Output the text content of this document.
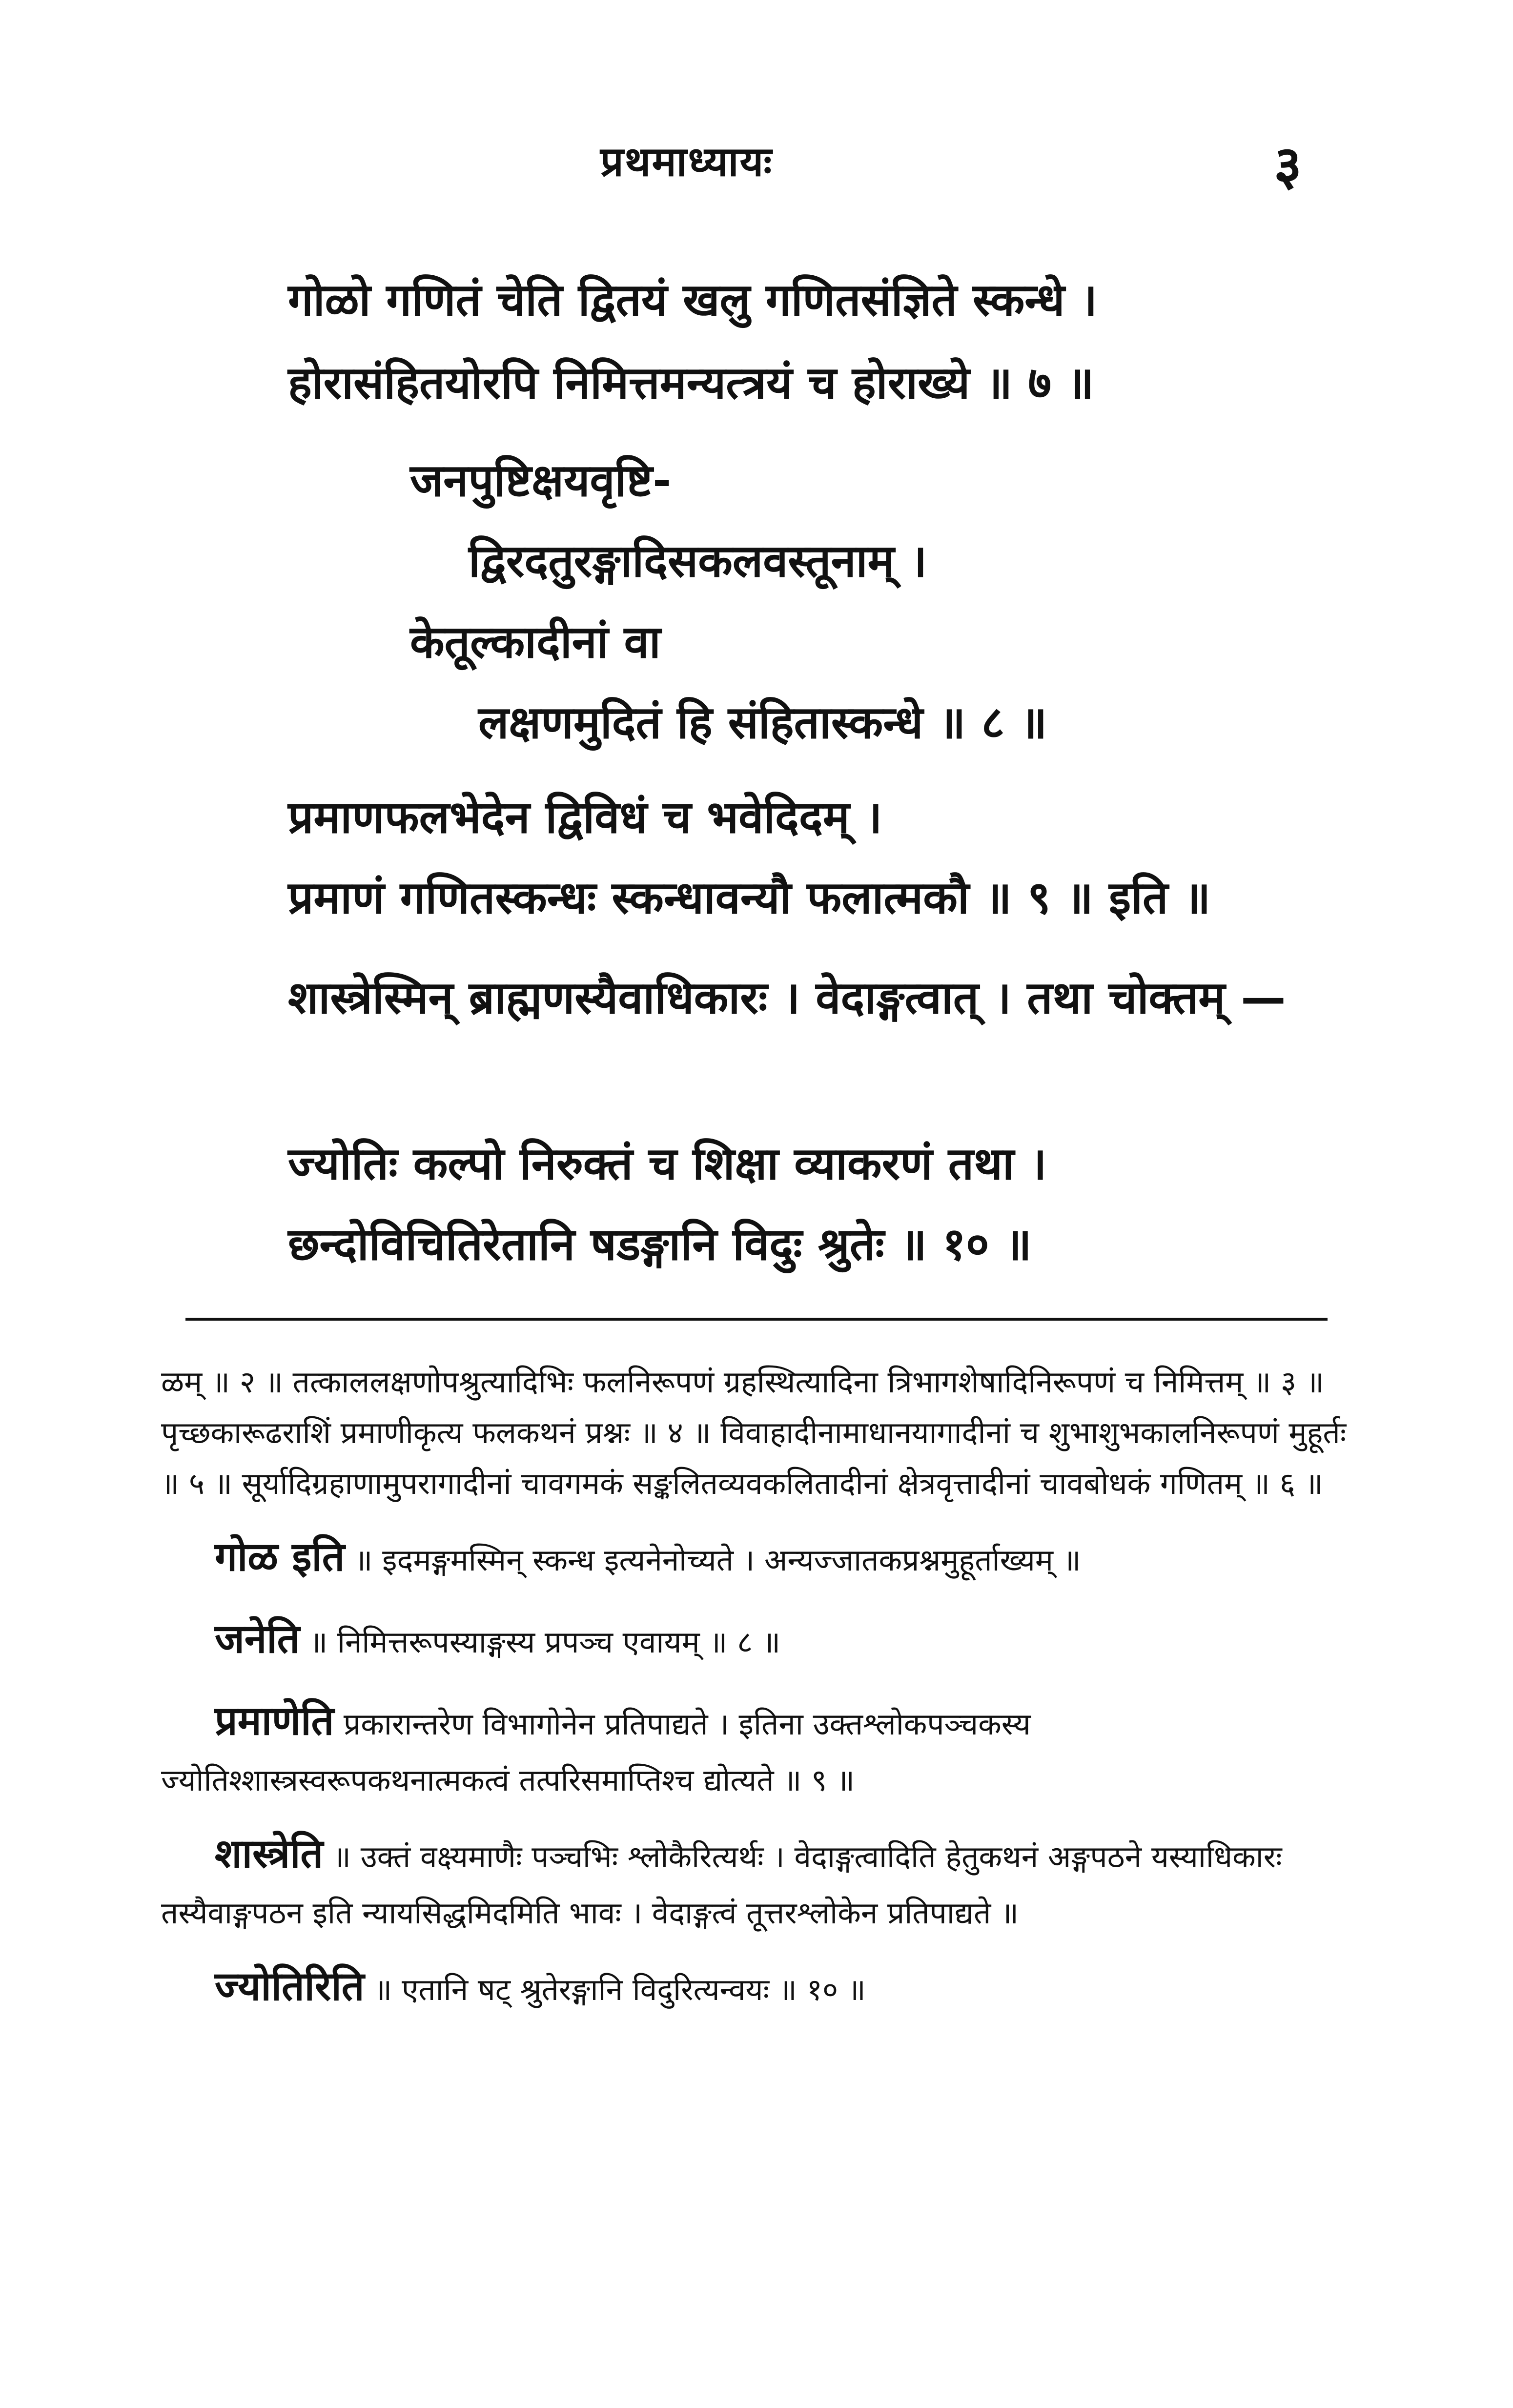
प्रथमाध्यायः	३
गोळो गणितं चेति द्वितयं खलु गणितसंज्ञिते स्कन्धे ।
होरासंहितयोरपि निमित्तमन्यत्त्रयं च होराख्ये ॥ ७ ॥
जनपुष्टिक्षयवृष्टि-
द्विरदतुरङ्गादिसकलवस्तूनाम् ।
केतूल्कादीनां वा
लक्षणमुदितं हि संहितास्कन्धे ॥ ८ ॥
प्रमाणफलभेदेन द्विविधं च भवेदिदम् ।
प्रमाणं गणितस्कन्धः स्कन्धावन्यौ फलात्मकौ ॥ ९ ॥ इति ॥
शास्त्रेस्मिन् ब्राह्मणस्यैवाधिकारः । वेदाङ्गत्वात् । तथा चोक्तम् —
ज्योतिः कल्पो निरुक्तं च शिक्षा व्याकरणं तथा ।
छन्दोविचितिरेतानि षडङ्गानि विदुः श्रुतेः ॥ १० ॥

ळम् ॥ २ ॥ तत्काललक्षणोपश्रुत्यादिभिः फलनिरूपणं ग्रहस्थित्यादिना त्रिभागशेषादिनिरूपणं च निमित्तम् ॥ ३ ॥ पृच्छकारूढराशिं प्रमाणीकृत्य फलकथनं प्रश्नः ॥ ४ ॥ विवाहादीनामाधानयागादीनां च शुभाशुभकालनिरूपणं मुहूर्तः ॥ ५ ॥ सूर्यादिग्रहाणामुपरागादीनां चावगमकं सङ्कलितव्यवकलितादीनां क्षेत्रवृत्तादीनां चावबोधकं गणितम् ॥ ६ ॥

गोळ इति ॥ इदमङ्गमस्मिन् स्कन्ध इत्यनेनोच्यते । अन्यज्जातकप्रश्नमुहूर्ताख्यम् ॥

जनेति ॥ निमित्तरूपस्याङ्गस्य प्रपञ्च एवायम् ॥ ८ ॥

प्रमाणेति प्रकारान्तरेण विभागोनेन प्रतिपाद्यते । इतिना उक्तश्लोकपञ्चकस्य ज्योतिश्शास्त्रस्वरूपकथनात्मकत्वं तत्परिसमाप्तिश्च द्योत्यते ॥ ९ ॥

शास्त्रेति ॥ उक्तं वक्ष्यमाणैः पञ्चभिः श्लोकैरित्यर्थः । वेदाङ्गत्वादिति हेतुकथनं अङ्गपठने यस्याधिकारः तस्यैवाङ्गपठन इति न्यायसिद्धमिदमिति भावः । वेदाङ्गत्वं तूत्तरश्लोकेन प्रतिपाद्यते ॥

ज्योतिरिति ॥ एतानि षट् श्रुतेरङ्गानि विदुरित्यन्वयः ॥ १० ॥
